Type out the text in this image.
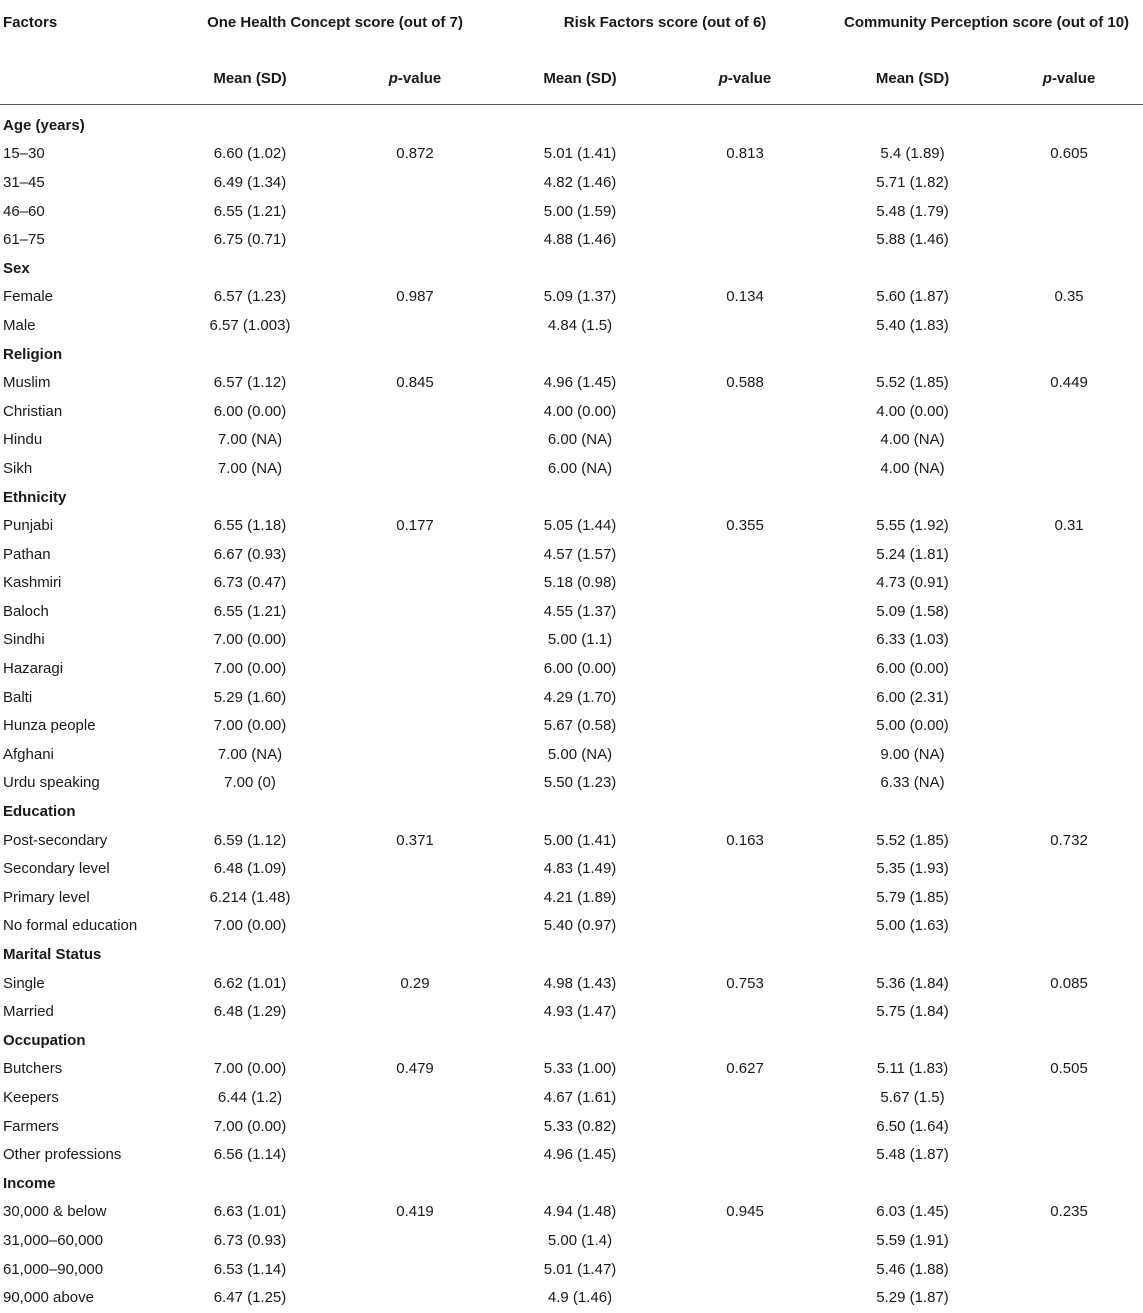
Factors	One Health Concept score (out of 7)		Risk Factors score (out of 6)		Community Perception score (out of 10)	
	Mean (SD)	p-value	Mean (SD)	p-value	Mean (SD)	p-value
Age (years)						
15–30	6.60 (1.02)	0.872	5.01 (1.41)	0.813	5.4 (1.89)	0.605
31–45	6.49 (1.34)		4.82 (1.46)		5.71 (1.82)	
46–60	6.55 (1.21)		5.00 (1.59)		5.48 (1.79)	
61–75	6.75 (0.71)		4.88 (1.46)		5.88 (1.46)	
Sex						
Female	6.57 (1.23)	0.987	5.09 (1.37)	0.134	5.60 (1.87)	0.35
Male	6.57 (1.003)		4.84 (1.5)		5.40 (1.83)	
Religion						
Muslim	6.57 (1.12)	0.845	4.96 (1.45)	0.588	5.52 (1.85)	0.449
Christian	6.00 (0.00)		4.00 (0.00)		4.00 (0.00)	
Hindu	7.00 (NA)		6.00 (NA)		4.00 (NA)	
Sikh	7.00 (NA)		6.00 (NA)		4.00 (NA)	
Ethnicity						
Punjabi	6.55 (1.18)	0.177	5.05 (1.44)	0.355	5.55 (1.92)	0.31
Pathan	6.67 (0.93)		4.57 (1.57)		5.24 (1.81)	
Kashmiri	6.73 (0.47)		5.18 (0.98)		4.73 (0.91)	
Baloch	6.55 (1.21)		4.55 (1.37)		5.09 (1.58)	
Sindhi	7.00 (0.00)		5.00 (1.1)		6.33 (1.03)	
Hazaragi	7.00 (0.00)		6.00 (0.00)		6.00 (0.00)	
Balti	5.29 (1.60)		4.29 (1.70)		6.00 (2.31)	
Hunza people	7.00 (0.00)		5.67 (0.58)		5.00 (0.00)	
Afghani	7.00 (NA)		5.00 (NA)		9.00 (NA)	
Urdu speaking	7.00 (0)		5.50 (1.23)		6.33 (NA)	
Education						
Post-secondary	6.59 (1.12)	0.371	5.00 (1.41)	0.163	5.52 (1.85)	0.732
Secondary level	6.48 (1.09)		4.83 (1.49)		5.35 (1.93)	
Primary level	6.214 (1.48)		4.21 (1.89)		5.79 (1.85)	
No formal education	7.00 (0.00)		5.40 (0.97)		5.00 (1.63)	
Marital Status						
Single	6.62 (1.01)	0.29	4.98 (1.43)	0.753	5.36 (1.84)	0.085
Married	6.48 (1.29)		4.93 (1.47)		5.75 (1.84)	
Occupation						
Butchers	7.00 (0.00)	0.479	5.33 (1.00)	0.627	5.11 (1.83)	0.505
Keepers	6.44 (1.2)		4.67 (1.61)		5.67 (1.5)	
Farmers	7.00 (0.00)		5.33 (0.82)		6.50 (1.64)	
Other professions	6.56 (1.14)		4.96 (1.45)		5.48 (1.87)	
Income						
30,000 & below	6.63 (1.01)	0.419	4.94 (1.48)	0.945	6.03 (1.45)	0.235
31,000–60,000	6.73 (0.93)		5.00 (1.4)		5.59 (1.91)	
61,000–90,000	6.53 (1.14)		5.01 (1.47)		5.46 (1.88)	
90,000 above	6.47 (1.25)		4.9 (1.46)		5.29 (1.87)	
